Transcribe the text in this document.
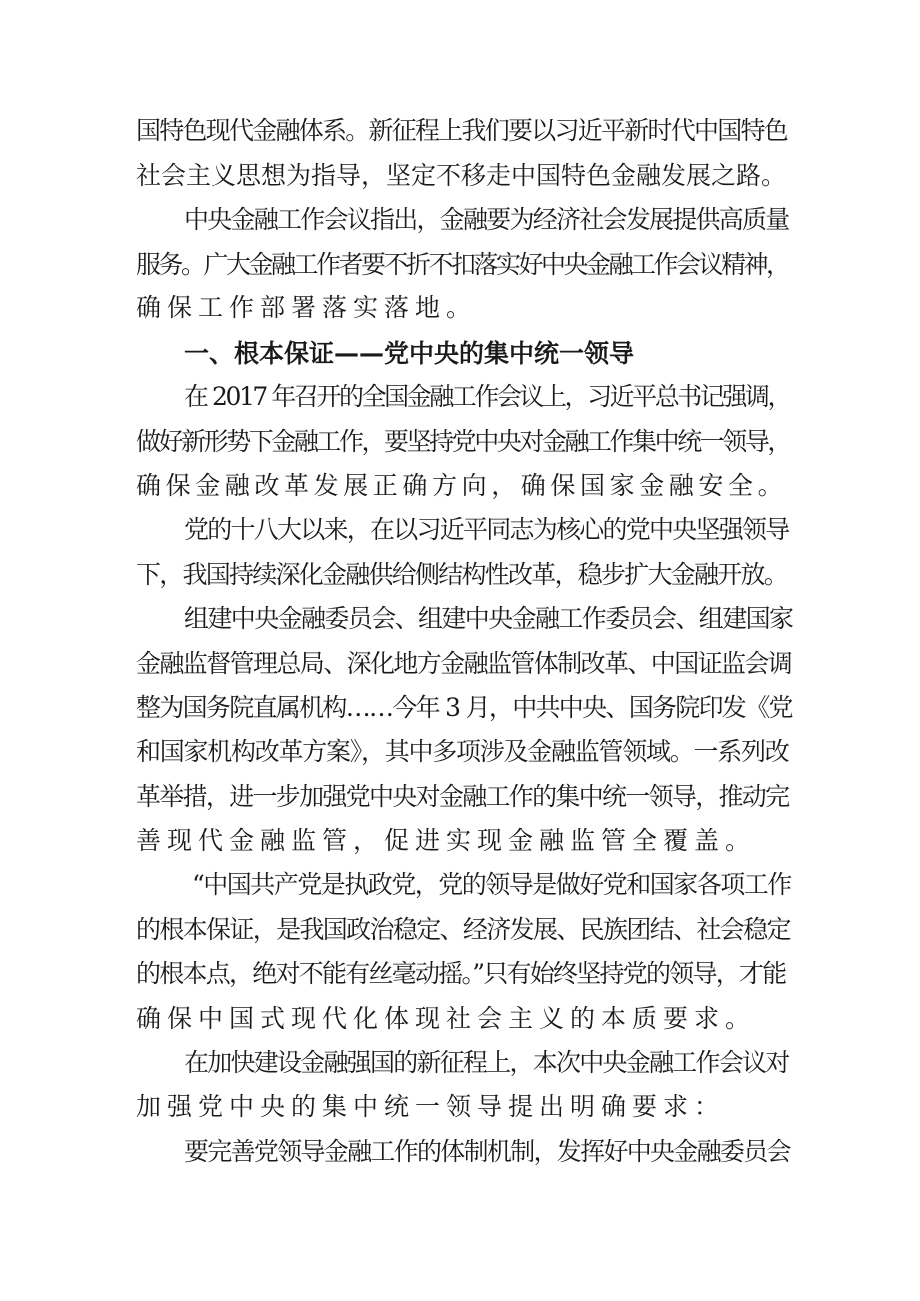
国特色现代金融体系。新征程上我们要以习近平新时代中国特色
社会主义思想为指导，坚定不移走中国特色金融发展之路。
中央金融工作会议指出，金融要为经济社会发展提供高质量
服务。广大金融工作者要不折不扣落实好中央金融工作会议精神，
确保工作部署落实落地。
一、根本保证——党中央的集中统一领导
在 2017 年召开的全国金融工作会议上，习近平总书记强调，
做好新形势下金融工作，要坚持党中央对金融工作集中统一领导，
确保金融改革发展正确方向，确保国家金融安全。
党的十八大以来，在以习近平同志为核心的党中央坚强领导
下，我国持续深化金融供给侧结构性改革，稳步扩大金融开放。
组建中央金融委员会、组建中央金融工作委员会、组建国家
金融监督管理总局、深化地方金融监管体制改革、中国证监会调
整为国务院直属机构……今年 3 月，中共中央、国务院印发《党
和国家机构改革方案》，其中多项涉及金融监管领域。一系列改
革举措，进一步加强党中央对金融工作的集中统一领导，推动完
善现代金融监管，促进实现金融监管全覆盖。
“中国共产党是执政党，党的领导是做好党和国家各项工作
的根本保证，是我国政治稳定、经济发展、民族团结、社会稳定
的根本点，绝对不能有丝毫动摇。”只有始终坚持党的领导，才能
确保中国式现代化体现社会主义的本质要求。
在加快建设金融强国的新征程上，本次中央金融工作会议对
加强党中央的集中统一领导提出明确要求：
要完善党领导金融工作的体制机制，发挥好中央金融委员会
